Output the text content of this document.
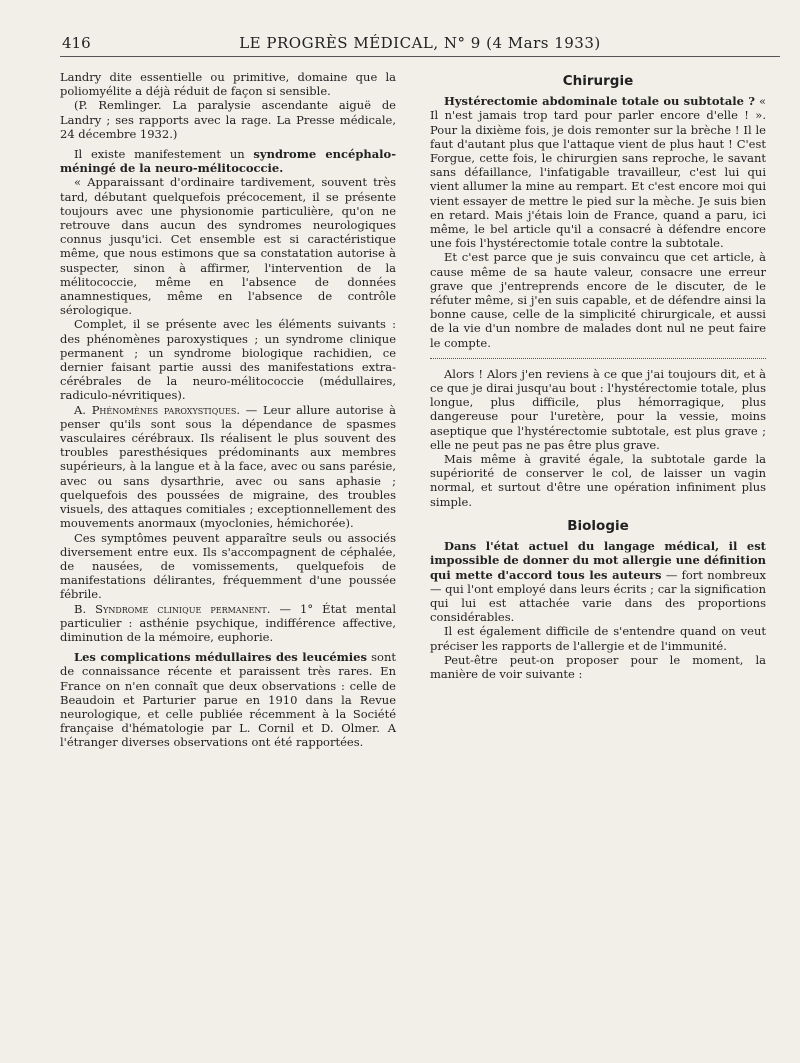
416	LE PROGRÈS MÉDICAL, N° 9 (4 Mars 1933)

Landry dite essentielle ou primitive, domaine que la poliomyélite a déjà réduit de façon si sensible.

(P. Remlinger. La paralysie ascendante aiguë de Landry ; ses rapports avec la rage. La Presse médicale, 24 décembre 1932.)

Il existe manifestement un syndrome encéphalo-méningé de la neuro-mélitococcie.

« Apparaissant d'ordinaire tardivement, souvent très tard, débutant quelquefois précocement, il se présente toujours avec une physionomie particulière, qu'on ne retrouve dans aucun des syndromes neurologiques connus jusqu'ici. Cet ensemble est si caractéristique même, que nous estimons que sa constatation autorise à suspecter, sinon à affirmer, l'intervention de la mélitococcie, même en l'absence de données anamnestiques, même en l'absence de contrôle sérologique.

Complet, il se présente avec les éléments suivants : des phénomènes paroxystiques ; un syndrome clinique permanent ; un syndrome biologique rachidien, ce dernier faisant partie aussi des manifestations extra-cérébrales de la neuro-mélitococcie (médullaires, radiculo-névritiques).

A. Phénomènes paroxystiques. — Leur allure autorise à penser qu'ils sont sous la dépendance de spasmes vasculaires cérébraux. Ils réalisent le plus souvent des troubles paresthésiques prédominants aux membres supérieurs, à la langue et à la face, avec ou sans parésie, avec ou sans dysarthrie, avec ou sans aphasie ; quelquefois des poussées de migraine, des troubles visuels, des attaques comitiales ; exceptionnellement des mouvements anormaux (myoclonies, hémichorée).

Ces symptômes peuvent apparaître seuls ou associés diversement entre eux. Ils s'accompagnent de céphalée, de nausées, de vomissements, quelquefois de manifestations délirantes, fréquemment d'une poussée fébrile.

B. Syndrome clinique permanent. — 1° État mental particulier : asthénie psychique, indifférence affective, diminution de la mémoire, euphorie.

Les complications médullaires des leucémies sont de connaissance récente et paraissent très rares. En France on n'en connaît que deux observations : celle de Beaudoin et Parturier parue en 1910 dans la Revue neurologique, et celle publiée récemment à la Société française d'hématologie par L. Cornil et D. Olmer. A l'étranger diverses observations ont été rapportées.

Chirurgie

Hystérectomie abdominale totale ou subtotale ? « Il n'est jamais trop tard pour parler encore d'elle ! ». Pour la dixième fois, je dois remonter sur la brèche ! Il le faut d'autant plus que l'attaque vient de plus haut ! C'est Forgue, cette fois, le chirurgien sans reproche, le savant sans défaillance, l'infatigable travailleur, c'est lui qui vient allumer la mine au rempart. Et c'est encore moi qui vient essayer de mettre le pied sur la mèche. Je suis bien en retard. Mais j'étais loin de France, quand a paru, ici même, le bel article qu'il a consacré à défendre encore une fois l'hystérectomie totale contre la subtotale.

Et c'est parce que je suis convaincu que cet article, à cause même de sa haute valeur, consacre une erreur grave que j'entreprends encore de le discuter, de le réfuter même, si j'en suis capable, et de défendre ainsi la bonne cause, celle de la simplicité chirurgicale, et aussi de la vie d'un nombre de malades dont nul ne peut faire le compte.

Alors ! Alors j'en reviens à ce que j'ai toujours dit, et à ce que je dirai jusqu'au bout : l'hystérectomie totale, plus longue, plus difficile, plus hémorragique, plus dangereuse pour l'uretère, pour la vessie, moins aseptique que l'hystérectomie subtotale, est plus grave ; elle ne peut pas ne pas être plus grave.

Mais même à gravité égale, la subtotale garde la supériorité de conserver le col, de laisser un vagin normal, et surtout d'être une opération infiniment plus simple.

Biologie

Dans l'état actuel du langage médical, il est impossible de donner du mot allergie une définition qui mette d'accord tous les auteurs — fort nombreux — qui l'ont employé dans leurs écrits ; car la signification qui lui est attachée varie dans des proportions considérables.

Il est également difficile de s'entendre quand on veut préciser les rapports de l'allergie et de l'immunité.

Peut-être peut-on proposer pour le moment, la manière de voir suivante :
